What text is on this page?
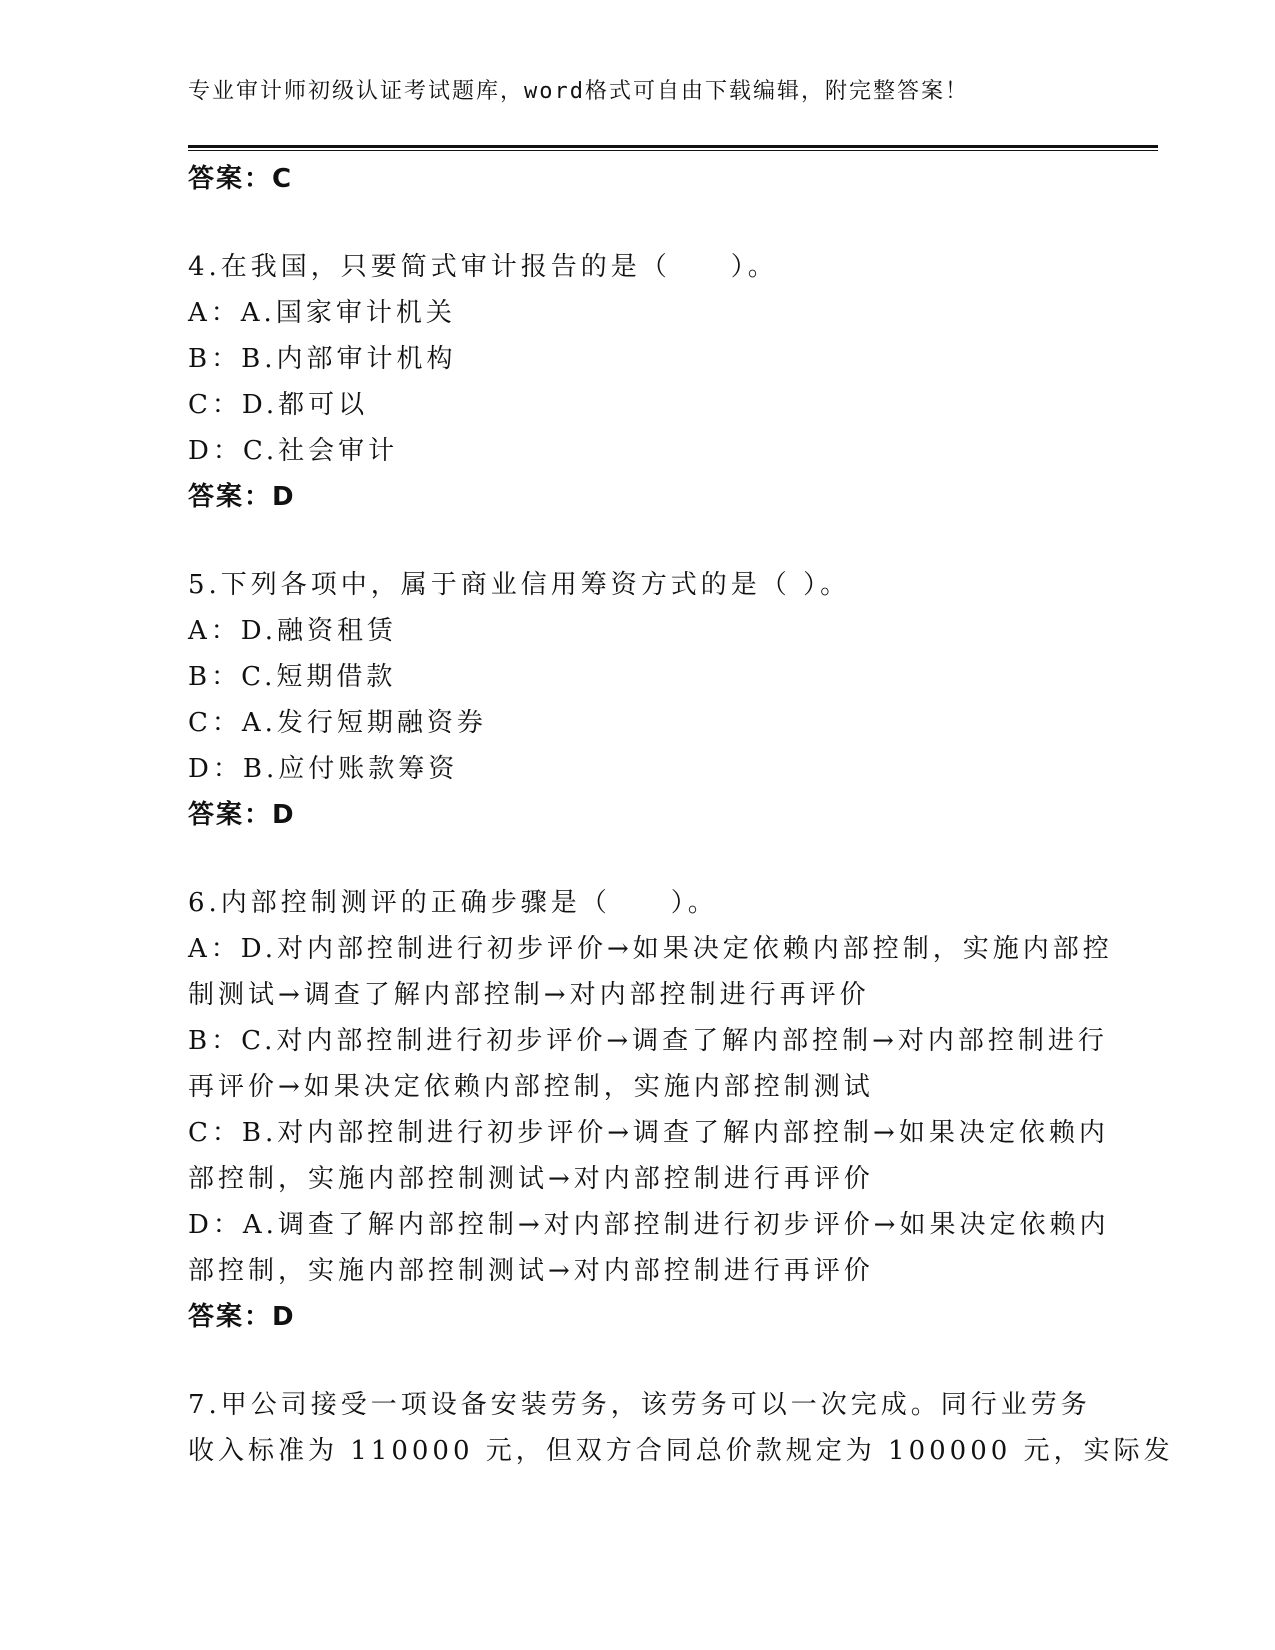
专业审计师初级认证考试题库，word格式可自由下载编辑，附完整答案！
答案：C
4.在我国，只要简式审计报告的是（　　）。
A：A.国家审计机关
B：B.内部审计机构
C：D.都可以
D：C.社会审计
答案：D
5.下列各项中，属于商业信用筹资方式的是（ ）。
A：D.融资租赁
B：C.短期借款
C：A.发行短期融资券
D：B.应付账款筹资
答案：D
6.内部控制测评的正确步骤是（　　）。
A：D.对内部控制进行初步评价→如果决定依赖内部控制，实施内部控
制测试→调查了解内部控制→对内部控制进行再评价
B：C.对内部控制进行初步评价→调查了解内部控制→对内部控制进行
再评价→如果决定依赖内部控制，实施内部控制测试
C：B.对内部控制进行初步评价→调查了解内部控制→如果决定依赖内
部控制，实施内部控制测试→对内部控制进行再评价
D：A.调查了解内部控制→对内部控制进行初步评价→如果决定依赖内
部控制，实施内部控制测试→对内部控制进行再评价
答案：D
7.甲公司接受一项设备安装劳务，该劳务可以一次完成。同行业劳务
收入标准为 110000 元，但双方合同总价款规定为 100000 元，实际发
